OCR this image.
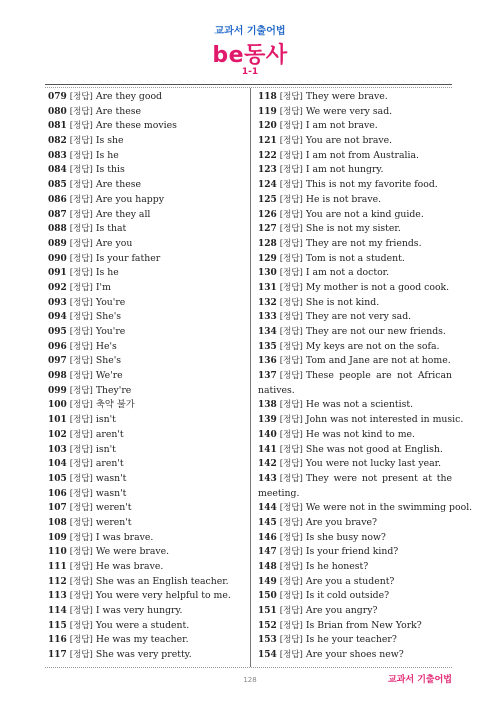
교과서 기출어법
be동사
1-1
079 [정답] Are they good
080 [정답] Are these
081 [정답] Are these movies
082 [정답] Is she
083 [정답] Is he
084 [정답] Is this
085 [정답] Are these
086 [정답] Are you happy
087 [정답] Are they all
088 [정답] Is that
089 [정답] Are you
090 [정답] Is your father
091 [정답] Is he
092 [정답] I'm
093 [정답] You're
094 [정답] She's
095 [정답] You're
096 [정답] He's
097 [정답] She's
098 [정답] We're
099 [정답] They're
100 [정답] 축약 불가
101 [정답] isn't
102 [정답] aren't
103 [정답] isn't
104 [정답] aren't
105 [정답] wasn't
106 [정답] wasn't
107 [정답] weren't
108 [정답] weren't
109 [정답] I was brave.
110 [정답] We were brave.
111 [정답] He was brave.
112 [정답] She was an English teacher.
113 [정답] You were very helpful to me.
114 [정답] I was very hungry.
115 [정답] You were a student.
116 [정답] He was my teacher.
117 [정답] She was very pretty.
118 [정답] They were brave.
119 [정답] We were very sad.
120 [정답] I am not brave.
121 [정답] You are not brave.
122 [정답] I am not from Australia.
123 [정답] I am not hungry.
124 [정답] This is not my favorite food.
125 [정답] He is not brave.
126 [정답] You are not a kind guide.
127 [정답] She is not my sister.
128 [정답] They are not my friends.
129 [정답] Tom is not a student.
130 [정답] I am not a doctor.
131 [정답] My mother is not a good cook.
132 [정답] She is not kind.
133 [정답] They are not very sad.
134 [정답] They are not our new friends.
135 [정답] My keys are not on the sofa.
136 [정답] Tom and Jane are not at home.
137 [정답] These people are not African natives.
138 [정답] He was not a scientist.
139 [정답] John was not interested in music.
140 [정답] He was not kind to me.
141 [정답] She was not good at English.
142 [정답] You were not lucky last year.
143 [정답] They were not present at the meeting.
144 [정답] We were not in the swimming pool.
145 [정답] Are you brave?
146 [정답] Is she busy now?
147 [정답] Is your friend kind?
148 [정답] Is he honest?
149 [정답] Are you a student?
150 [정답] Is it cold outside?
151 [정답] Are you angry?
152 [정답] Is Brian from New York?
153 [정답] Is he your teacher?
154 [정답] Are your shoes new?
128	교과서 기출어법
